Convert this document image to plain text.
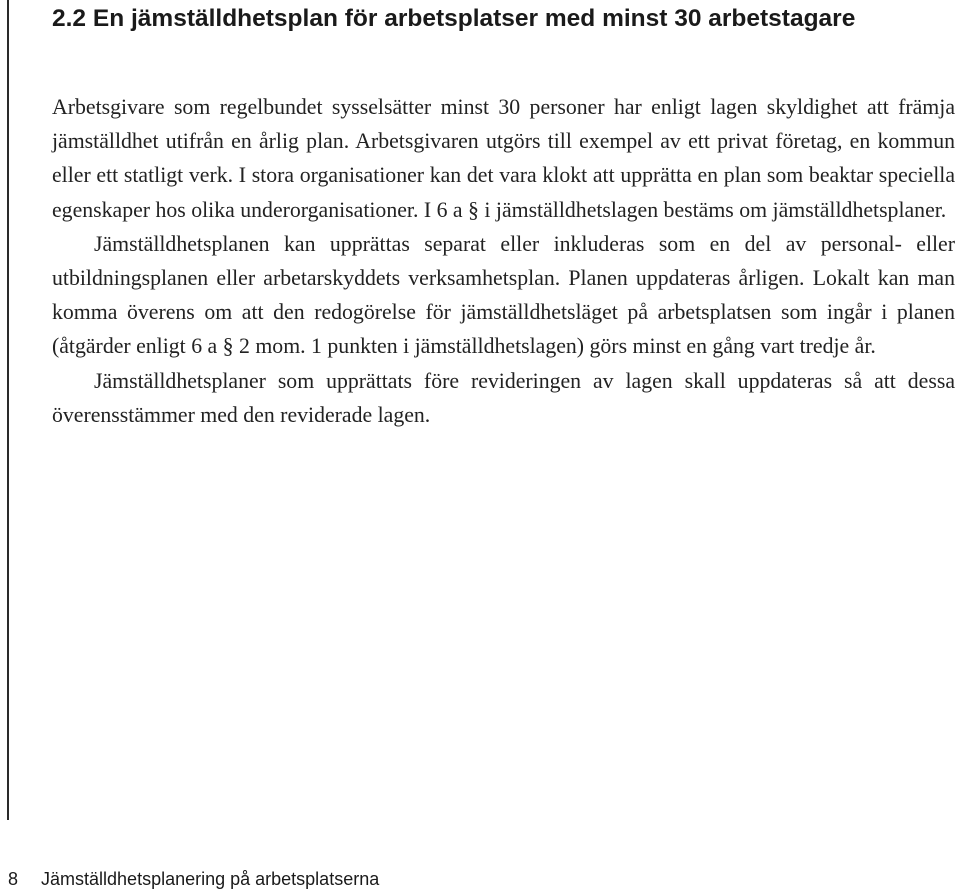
2.2 En jämställdhetsplan för arbetsplatser med minst 30 arbetstagare

Arbetsgivare som regelbundet sysselsätter minst 30 personer har enligt lagen skyldighet att främja jämställdhet utifrån en årlig plan. Arbetsgivaren utgörs till exempel av ett privat företag, en kommun eller ett statligt verk. I stora organisationer kan det vara klokt att upprätta en plan som beaktar speciella egenskaper hos olika underorganisationer. I 6 a § i jämställdhetslagen bestäms om jämställdhetsplaner.

Jämställdhetsplanen kan upprättas separat eller inkluderas som en del av personal- eller utbildningsplanen eller arbetarskyddets verksamhetsplan. Planen uppdateras årligen. Lokalt kan man komma överens om att den redogörelse för jämställdhetsläget på arbetsplatsen som ingår i planen (åtgärder enligt 6 a § 2 mom. 1 punkten i jämställdhetslagen) görs minst en gång vart tredje år.

Jämställdhetsplaner som upprättats före revideringen av lagen skall uppdateras så att dessa överensstämmer med den reviderade lagen.

8 Jämställdhetsplanering på arbetsplatserna
